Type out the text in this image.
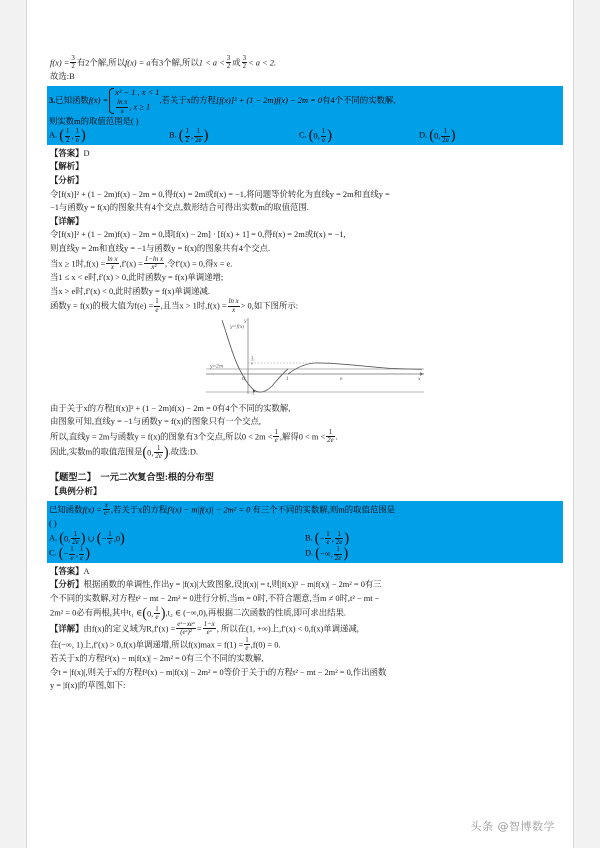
$f(x) = \frac{3}{2}$ 有2个解,所以f(x) = a有3个解,所以$1 < a < \frac{3}{2}$ 或 $\frac{3}{2} < a < 2$.
故选:B
3.已知函数f(x) =
x² − 1 , x < 1
$\frac{\text{ln x}}{x}$ , x ≥ 1
,若关于x的方程[f(x)]² + (1 − 2m)f(x) − 2m = 0有4个不同的实数解,
则实数m的取值范围是( )
A. ( $\frac{1}{2}$ , $\frac{1}{e}$ )	B. ( $\frac{1}{2}$ , $\frac{1}{2e}$ )	C. (0, $\frac{1}{e}$ )	D. (0, $\frac{1}{2e}$ )
【答案】D
【解析】
【分析】
令[f(x)]² + (1 − 2m)f(x) − 2m = 0,得f(x) = 2m或f(x) = −1,将问题等价转化为直线y = 2m和直线y =
−1与函数y = f(x)的图象共有4个交点,数形结合可得出实数m的取值范围.
【详解】
令[f(x)]² + (1 − 2m)f(x) − 2m = 0,即[f(x) − 2m] · [f(x) + 1] = 0,得f(x) = 2m或f(x) = −1,
则直线y = 2m和直线y = −1与函数y = f(x)的图象共有4个交点.
当x ≥ 1时$,f(x) = \frac{\text{ln x}}{x} ,f'(x) = \frac{\text{1−ln x}}{\text{x²}}$ ,令f′(x) = 0,得x = e.
当1 ≤ x < e时,f′(x) > 0,此时函数y = f(x)单调递增;
当x > e时,f′(x) < 0,此时函数y = f(x)单调递减.
函数y = f(x)的极大值为$f(e) = \frac{1}{e}$ ,且当x > 1时$,f(x) = \frac{\text{ln x}}{x} > 0$,如下图所示:
y=f(x)
y=2m
O	1	e
-1
x
y
1
e
由于关于x的方程[f(x)]² + (1 − 2m)f(x) − 2m = 0有4个不同的实数解,
由图象可知,直线y = −1与函数y = f(x)的图象只有一个交点,
所以,直线y = 2m与函数y = f(x)的图象有3个交点,所以$0 < 2m < \frac{1}{e}$ ,解得$0 < m < \frac{1}{2e}$ .
因此,实数m的取值范围是(0, $\frac{1}{2e}$ ).故选:D.
【题型二】 一元二次复合型:根的分布型
【典例分析】
已知函数$f(x) = \frac{x}{\text{eˣ}}$ ,若关于x的方程f²(x) − m|f(x)| − 2m² = 0 有三个不同的实数解,则m的取值范围是
( )
A. (0, $\frac{1}{2e}$ ) ∪ (− $\frac{1}{e} ,0$)	B. (− $\frac{1}{e}$ , $\frac{1}{2e}$ )
C. (− $\frac{1}{e}$ , $\frac{1}{e}$ )	D. (−∞, $\frac{1}{2e}$ )
【答案】A
【分析】根据函数的单调性,作出y = |f(x)|大致图象,设|f(x)| = t,则|f(x)|² − m|f(x)| − 2m² = 0有三
个不同的实数解,对方程t² − mt − 2m² = 0进行分析,当m = 0时,不符合题意,当m ≠ 0时,t² − mt −
2m² = 0必有两根,其中t₁ ∈(0, $\frac{1}{e} ),t_2$ ∈ (−∞,0),再根据二次函数的性质,即可求出结果.
【详解】由f(x)的定义域为$R,f'(x) = \frac{\text{eˣ−xeˣ}}{\text{(eˣ)²}} = \frac{1-x}{\text{eˣ}}$ , 所以在(1, +∞)上,f′(x) < 0,f(x)单调递减,
在(−∞, 1)上,f′(x) > 0,f(x)单调递增,所以$f(x)\max = f(1) = \frac{1}{e} ,f(0) = 0$.
若关于x的方程f²(x) − m|f(x)| − 2m² = 0有三个不同的实数解,
令t = |f(x)|,则关于x的方程f²(x) − m|f(x)| − 2m² = 0等价于关于t的方程t² − mt − 2m² = 0,作出函数
y = |f(x)|的草图,如下:
头条 @智博数学
